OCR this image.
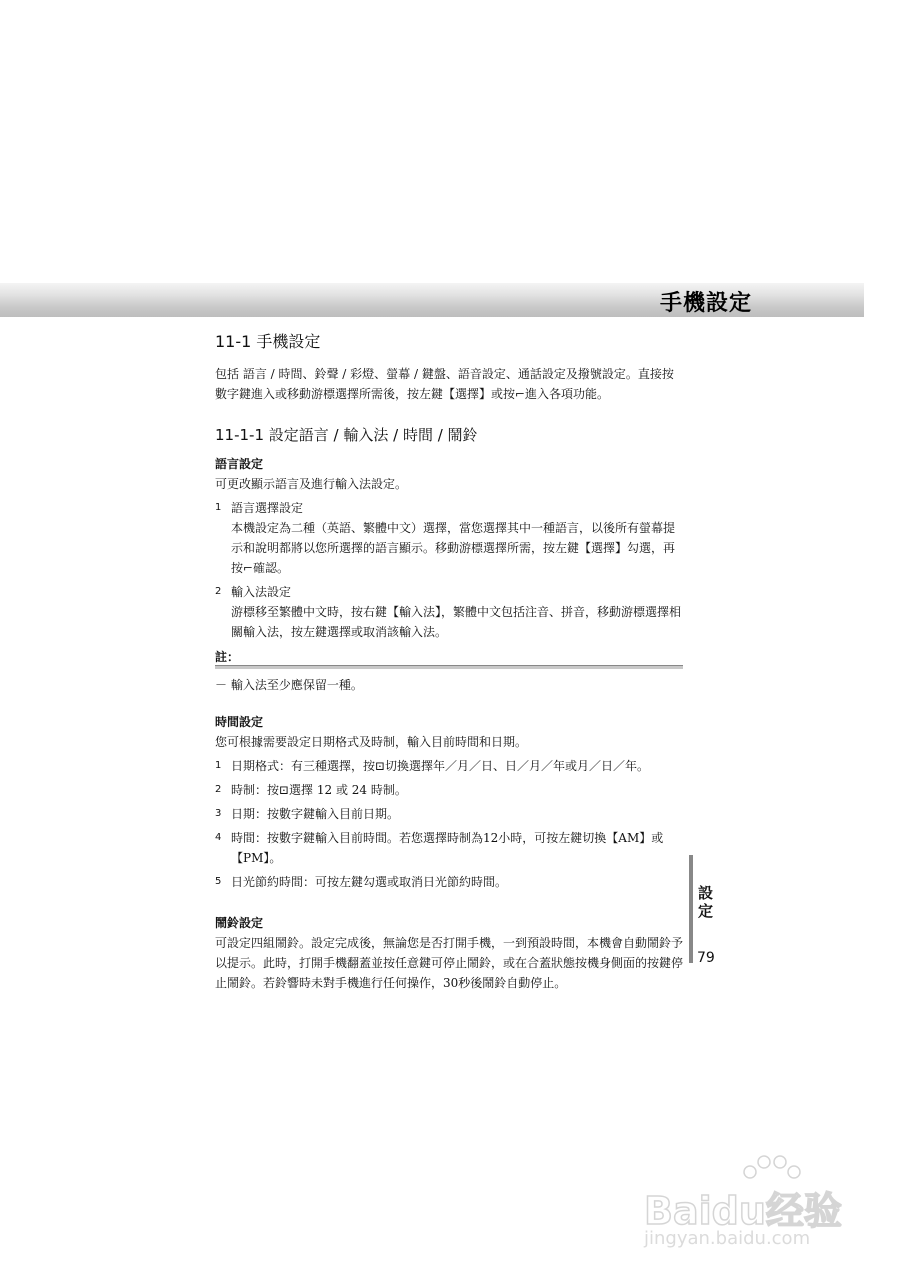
手機設定
11-1 手機設定

包括 語言 / 時間、鈴聲 / 彩燈、螢幕 / 鍵盤、語音設定、通話設定及撥號設定。直接按數字鍵進入或移動游標選擇所需後，按左鍵【選擇】或按⌐進入各項功能。

11-1-1 設定語言 / 輸入法 / 時間 / 鬧鈴
語言設定

可更改顯示語言及進行輸入法設定。

1 語言選擇設定
本機設定為二種（英語、繁體中文）選擇，當您選擇其中一種語言，以後所有螢幕提示和說明都將以您所選擇的語言顯示。移動游標選擇所需，按左鍵【選擇】勾選，再按⌐確認。
2 輸入法設定
游標移至繁體中文時，按右鍵【輸入法】，繁體中文包括注音、拼音，移動游標選擇相關輸入法，按左鍵選擇或取消該輸入法。
註：
－ 輸入法至少應保留一種。
時間設定

您可根據需要設定日期格式及時制，輸入目前時間和日期。

1 日期格式：有三種選擇，按⊡切換選擇年／月／日、日／月／年或月／日／年。
2 時制：按⊡選擇 12 或 24 時制。
3 日期：按數字鍵輸入目前日期。
4 時間：按數字鍵輸入目前時間。若您選擇時制為12小時，可按左鍵切換【AM】或【PM】。
5 日光節約時間：可按左鍵勾選或取消日光節約時間。
鬧鈴設定

可設定四組鬧鈴。設定完成後，無論您是否打開手機，一到預設時間，本機會自動鬧鈴予以提示。此時，打開手機翻蓋並按任意鍵可停止鬧鈴，或在合蓋狀態按機身側面的按鍵停止鬧鈴。若鈴響時未對手機進行任何操作，30秒後鬧鈴自動停止。

設定
79
Baidu经验
jingyan.baidu.com
